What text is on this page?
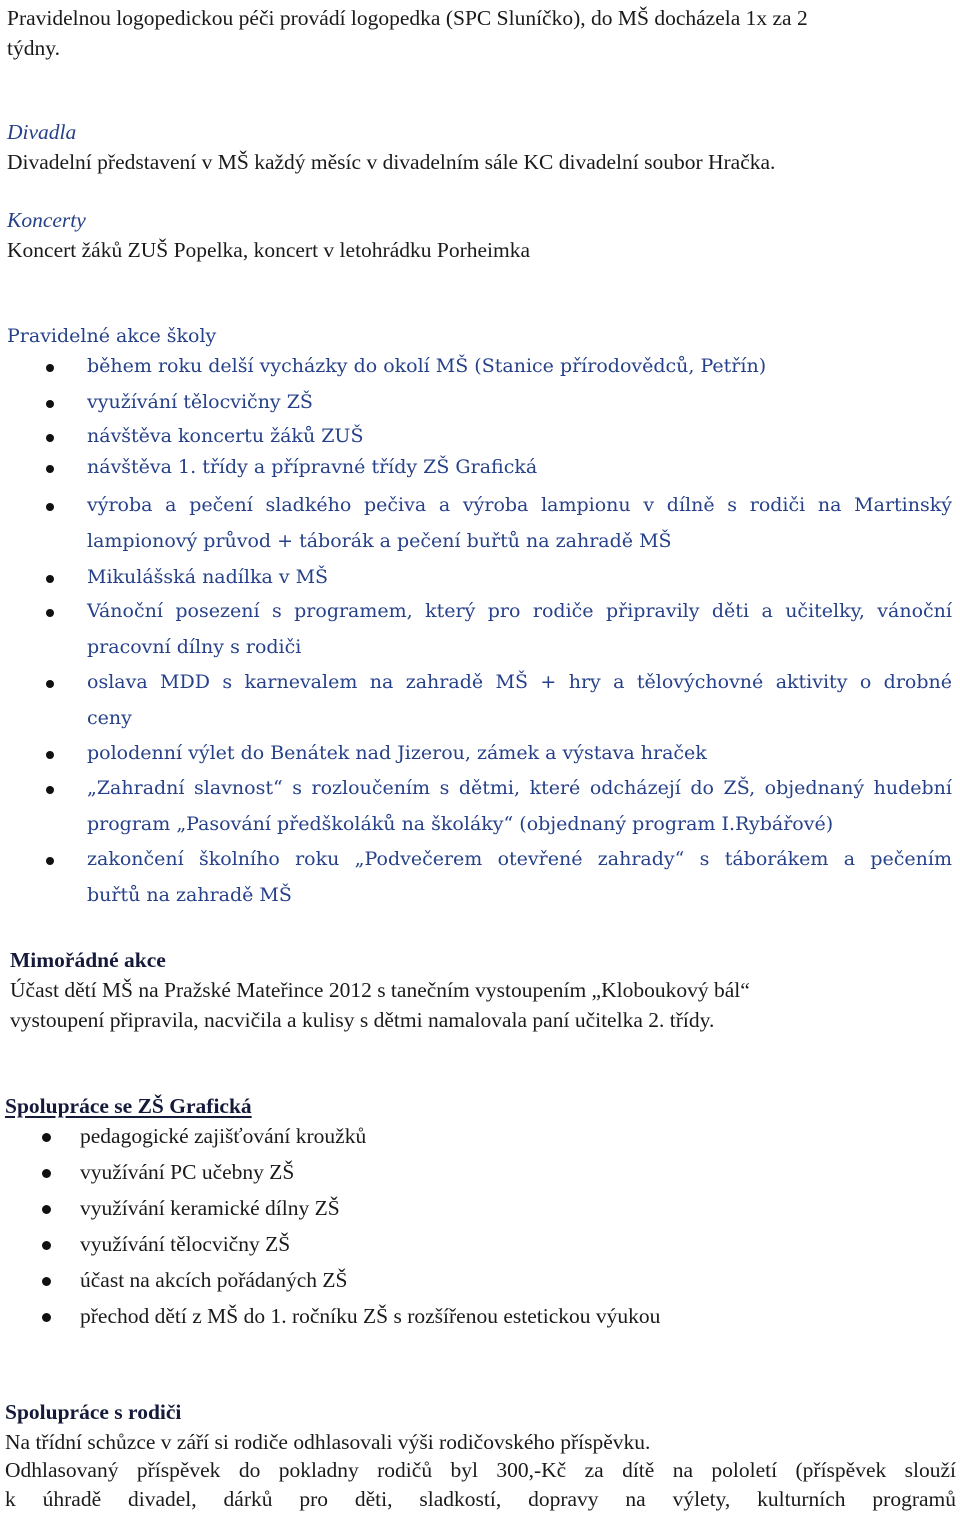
Pravidelnou logopedickou péči provádí logopedka (SPC Sluníčko), do MŠ docházela 1x za 2
týdny.
Divadla
Divadelní představení v MŠ každý měsíc v divadelním sále KC divadelní soubor Hračka.
Koncerty
Koncert žáků ZUŠ Popelka, koncert v letohrádku Porheimka
Pravidelné akce školy
během roku delší vycházky do okolí MŠ (Stanice přírodovědců, Petřín)
využívání tělocvičny ZŠ
návštěva koncertu žáků ZUŠ
návštěva 1. třídy a přípravné třídy ZŠ Grafická
výroba a pečení sladkého pečiva a výroba lampionu v dílně s rodiči na Martinský
lampionový průvod + táborák a pečení buřtů na zahradě MŠ
Mikulášská nadílka v MŠ
Vánoční posezení s programem, který pro rodiče připravily děti a učitelky, vánoční
pracovní dílny s rodiči
oslava MDD s karnevalem na zahradě MŠ + hry a tělovýchovné aktivity o drobné
ceny
polodenní výlet do Benátek nad Jizerou, zámek a výstava hraček
„Zahradní slavnost“ s rozloučením s dětmi, které odcházejí do ZŠ, objednaný hudební
program „Pasování předškoláků na školáky“ (objednaný program I.Rybářové)
zakončení školního roku „Podvečerem otevřené zahrady“ s táborákem a pečením
buřtů na zahradě MŠ
Mimořádné akce
Účast dětí MŠ na Pražské Mateřince 2012 s tanečním vystoupením „Kloboukový bál“
vystoupení připravila, nacvičila a kulisy s dětmi namalovala paní učitelka 2. třídy.
Spolupráce se ZŠ Grafická
pedagogické zajišťování kroužků
využívání PC učebny ZŠ
využívání keramické dílny ZŠ
využívání tělocvičny ZŠ
účast na akcích pořádaných ZŠ
přechod dětí z MŠ do 1. ročníku ZŠ s rozšířenou estetickou výukou
Spolupráce s rodiči
Na třídní schůzce v září si rodiče odhlasovali výši rodičovského příspěvku.
Odhlasovaný příspěvek do pokladny rodičů byl 300,-Kč za dítě na pololetí (příspěvek slouží
k úhradě divadel, dárků pro děti, sladkostí, dopravy na výlety, kulturních programů
